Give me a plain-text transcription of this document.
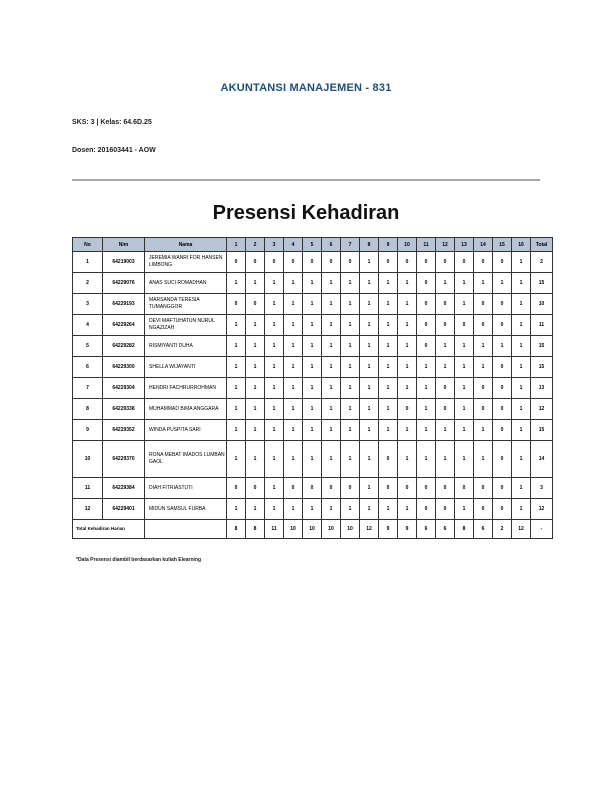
AKUNTANSI MANAJEMEN - 831
SKS: 3 | Kelas: 64.6D.25
Dosen: 201603441 - AOW
Presensi Kehadiran
No	Nim	Nama	1	2	3	4	5	6	7	8	9	10	11	12	13	14	15	16	Total
1	64219003	JEREMIA WANRI FOR HANSEN LIMBONG	0	0	0	0	0	0	0	1	0	0	0	0	0	0	0	1	2
2	64229076	ANAS SUCI ROMADHAN	1	1	1	1	1	1	1	1	1	1	0	1	1	1	1	1	15
3	64229193	MARSANDA TERESIA TUMANGGOR	0	0	1	1	1	1	1	1	1	1	0	0	1	0	0	1	10
4	64229264	DEVI MAFTUHATUN NURUL NGAZIZAH	1	1	1	1	1	1	1	1	1	1	0	0	0	0	0	1	11
5	64229282	RISMIYANTI DUHA	1	1	1	1	1	1	1	1	1	1	0	1	1	1	1	1	15
6	64229300	SHELLA WIJAYANTI	1	1	1	1	1	1	1	1	1	1	1	1	1	1	0	1	15
7	64229304	HENDRI FACHRURROHMAN	1	1	1	1	1	1	1	1	1	1	1	0	1	0	0	1	13
8	64229338	MUHAMMAD BIMA ANGGARA	1	1	1	1	1	1	1	1	1	0	1	0	1	0	0	1	12
9	64229352	WINDA PUSPITA SARI	1	1	1	1	1	1	1	1	1	1	1	1	1	1	0	1	15
10	64229370	RONA MEBAT IMADOS LUMBAN GAOL	1	1	1	1	1	1	1	1	0	1	1	1	1	1	0	1	14
11	64229384	DIAH FITRIASTUTI	0	0	1	0	0	0	0	1	0	0	0	0	0	0	0	1	3
12	64229401	MIDUN SAMSUL FURBA	1	1	1	1	1	1	1	1	1	1	0	0	1	0	0	1	12
Total Kehadiran Harian			8	8	11	10	10	10	10	12	9	9	6	6	8	6	2	12	-
*Data Presensi diambil berdasarkan kuliah Elearning
